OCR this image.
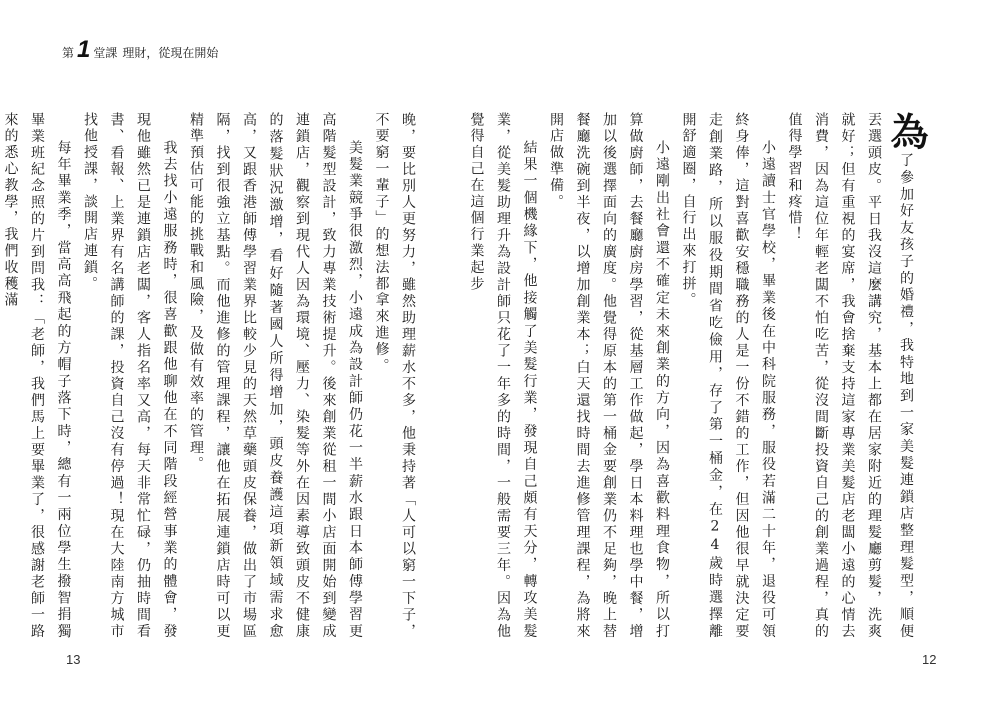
第 1 堂課 理財，從現在開始

晚，要比別人更努力，雖然助理薪水不多，他秉持著「人可以窮一下子，不要窮一輩子」的想法都拿來進修。

美髮業競爭很激烈，小遠成為設計師仍花一半薪水跟日本師傅學習更高階髮型設計，致力專業技術提升。後來創業從租一間小店面開始到變成連鎖店，觀察到現代人因為環境、壓力、染髮等外在因素導致頭皮不健康的落髮狀況激增，看好隨著國人所得增加，頭皮養護這項新領域需求愈高，又跟香港師傅學習業界比較少見的天然草藥頭皮保養，做出了市場區隔，找到很強立基點。而他進修的管理課程，讓他在拓展連鎖店時可以更精準預估可能的挑戰和風險，及做有效率的管理。

我去找小遠服務時，很喜歡跟他聊他在不同階段經營事業的體會，發現他雖然已是連鎖店老闆，客人指名率又高，每天非常忙碌，仍抽時間看書、看報、上業界有名講師的課，投資自己沒有停過！現在大陸南方城市找他授課，談開店連鎖。

每年畢業季，當高高飛起的方帽子落下時，總有一兩位學生撥智捐獨畢業班紀念照的片到問我：「老師，我們馬上要畢業了，很感謝老師一路來的悉心教學，我們收穫滿	為了參加好友孩子的婚禮，我特地到一家美髮連鎖店整理髮型，順便丟選頭皮。平日我沒這麼講究，基本上都在居家附近的理髮廳剪髮，洗爽就好；但有重視的宴席，我會捨棄支持這家專業美髮店老闆小遠的心情去消費，因為這位年輕老闆不怕吃苦，從沒間斷投資自己的創業過程，真的值得學習和疼惜！

小遠讀士官學校，畢業後在中科院服務，服役若滿二十年，退役可領終身俸，這對喜歡安穩職務的人是一份不錯的工作，但因他很早就決定要走創業路，所以服役期間省吃儉用，存了第一桶金，在24歲時選擇離開舒適圈，自行出來打拼。

小遠剛出社會還不確定未來創業的方向，因為喜歡料理食物，所以打算做廚師，去餐廳廚房學習，從基層工作做起，學日本料理也學中餐，增加以後選擇面向的廣度。他覺得原本的第一桶金要創業仍不足夠，晚上替餐廳洗碗到半夜，以增加創業本；白天還找時間去進修管理課程，為將來開店做準備。

結果一個機緣下，他接觸了美髮行業，發現自己頗有天分，轉攻美髮業，從美髮助理升為設計師只花了一年多的時間，一般需要三年。因為他覺得自己在這個行業起步

13	12
